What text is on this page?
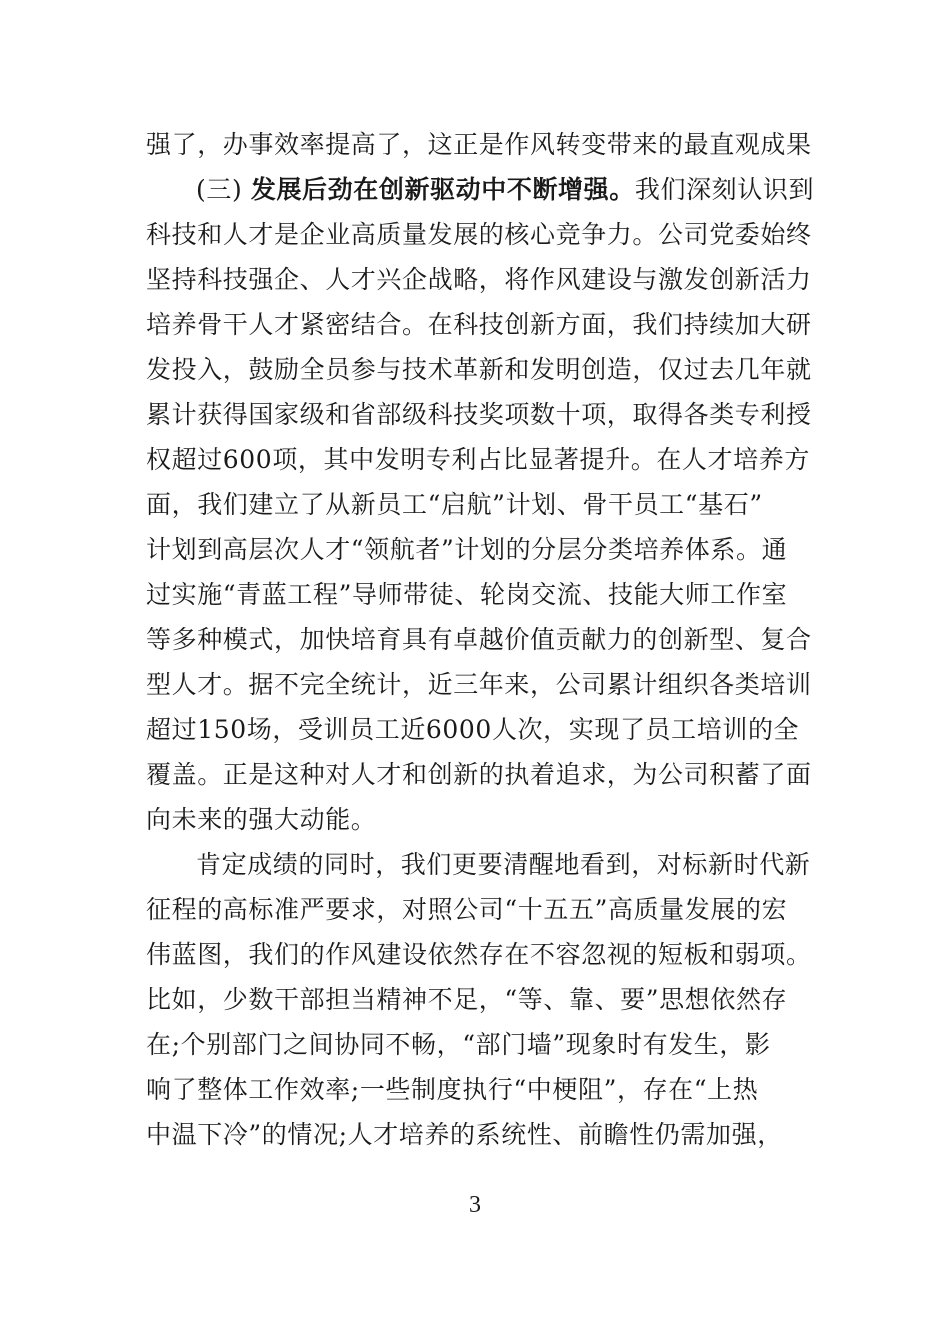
强了，办事效率提高了，这正是作风转变带来的最直观成果
(三) 发展后劲在创新驱动中不断增强。我们深刻认识到
科技和人才是企业高质量发展的核心竞争力。公司党委始终
坚持科技强企、人才兴企战略，将作风建设与激发创新活力
培养骨干人才紧密结合。在科技创新方面，我们持续加大研
发投入，鼓励全员参与技术革新和发明创造，仅过去几年就
累计获得国家级和省部级科技奖项数十项，取得各类专利授
权超过600项，其中发明专利占比显著提升。在人才培养方
面，我们建立了从新员工“启航”计划、骨干员工“基石”
计划到高层次人才“领航者”计划的分层分类培养体系。通
过实施“青蓝工程”导师带徒、轮岗交流、技能大师工作室
等多种模式，加快培育具有卓越价值贡献力的创新型、复合
型人才。据不完全统计，近三年来，公司累计组织各类培训
超过150场，受训员工近6000人次，实现了员工培训的全
覆盖。正是这种对人才和创新的执着追求，为公司积蓄了面
向未来的强大动能。
肯定成绩的同时，我们更要清醒地看到，对标新时代新
征程的高标准严要求，对照公司“十五五”高质量发展的宏
伟蓝图，我们的作风建设依然存在不容忽视的短板和弱项。
比如，少数干部担当精神不足，“等、靠、要”思想依然存
在;个别部门之间协同不畅，“部门墙”现象时有发生，影
响了整体工作效率;一些制度执行“中梗阻”，存在“上热
中温下冷”的情况;人才培养的系统性、前瞻性仍需加强，
3
